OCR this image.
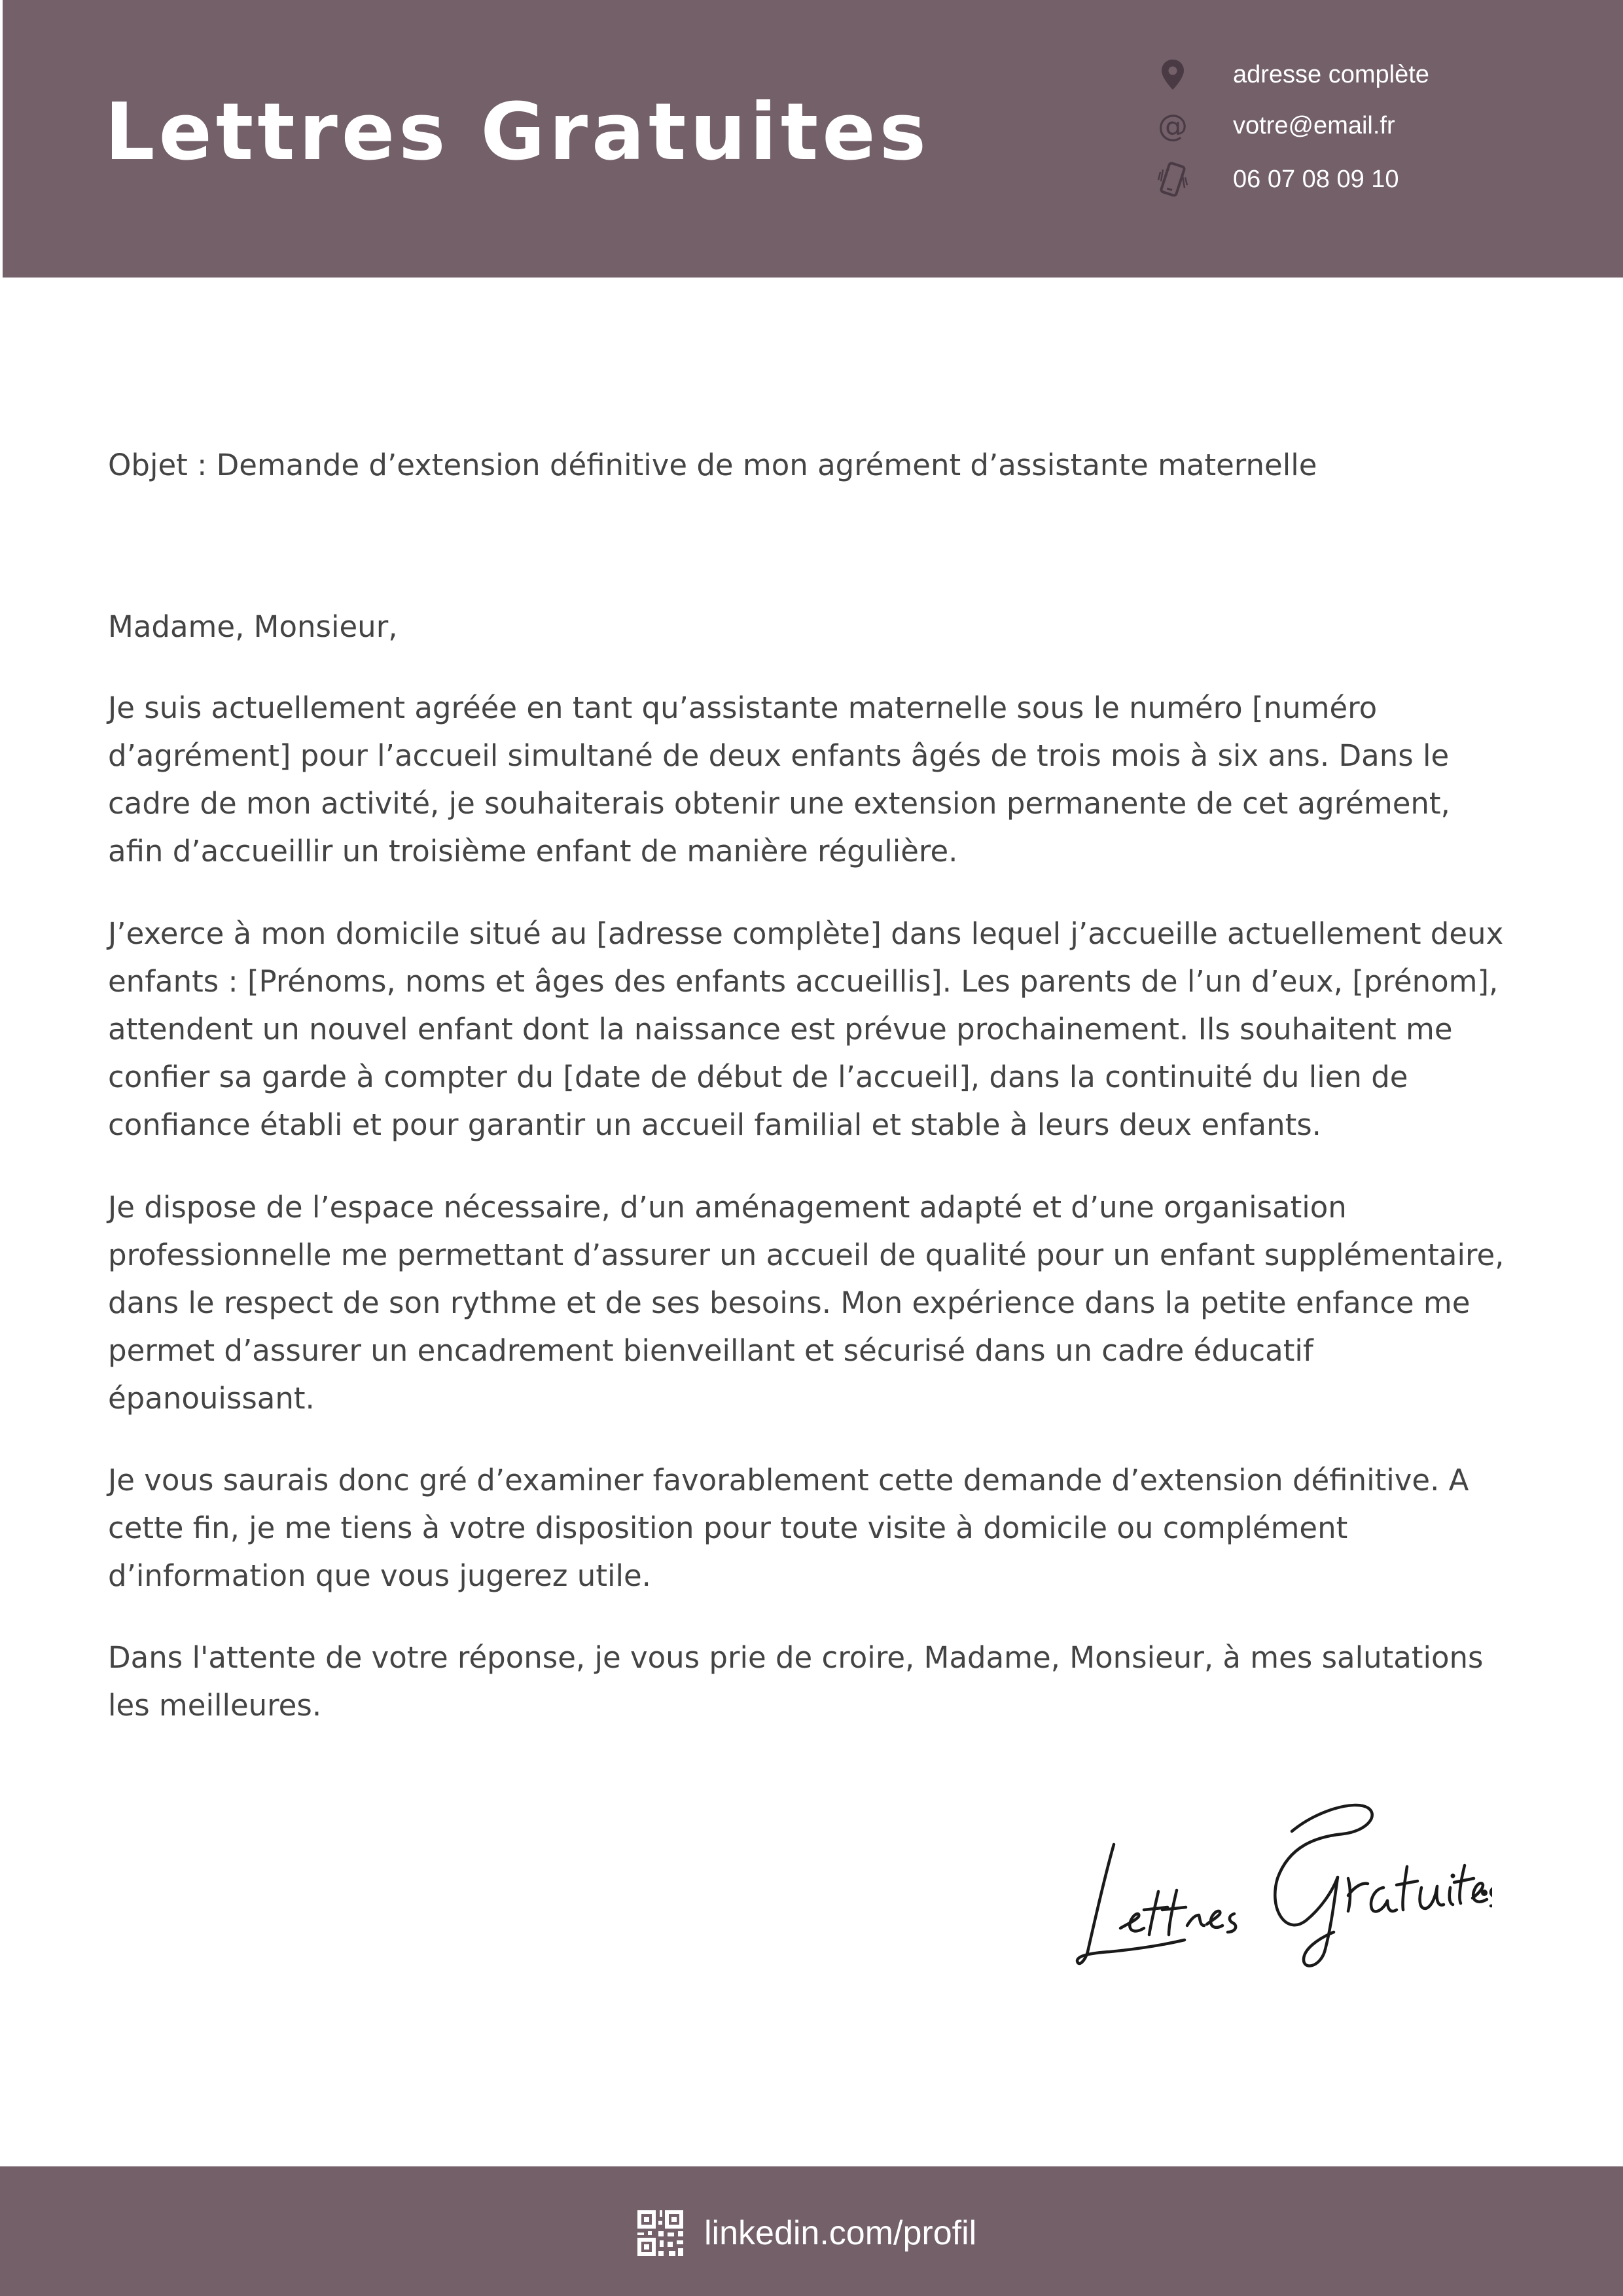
Lettres Gratuites
adresse complète
@ votre@email.fr
06 07 08 09 10

Objet : Demande d’extension définitive de mon agrément d’assistante maternelle

Madame, Monsieur,

Je suis actuellement agréée en tant qu’assistante maternelle sous le numéro [numéro d’agrément] pour l’accueil simultané de deux enfants âgés de trois mois à six ans. Dans le cadre de mon activité, je souhaiterais obtenir une extension permanente de cet agrément, afin d’accueillir un troisième enfant de manière régulière.

J’exerce à mon domicile situé au [adresse complète] dans lequel j’accueille actuellement deux enfants : [Prénoms, noms et âges des enfants accueillis]. Les parents de l’un d’eux, [prénom], attendent un nouvel enfant dont la naissance est prévue prochainement. Ils souhaitent me confier sa garde à compter du [date de début de l’accueil], dans la continuité du lien de confiance établi et pour garantir un accueil familial et stable à leurs deux enfants.

Je dispose de l’espace nécessaire, d’un aménagement adapté et d’une organisation professionnelle me permettant d’assurer un accueil de qualité pour un enfant supplémentaire, dans le respect de son rythme et de ses besoins. Mon expérience dans la petite enfance me permet d’assurer un encadrement bienveillant et sécurisé dans un cadre éducatif épanouissant.

Je vous saurais donc gré d’examiner favorablement cette demande d’extension définitive. A cette fin, je me tiens à votre disposition pour toute visite à domicile ou complément d’information que vous jugerez utile.

Dans l'attente de votre réponse, je vous prie de croire, Madame, Monsieur, à mes salutations les meilleures.

linkedin.com/profil
